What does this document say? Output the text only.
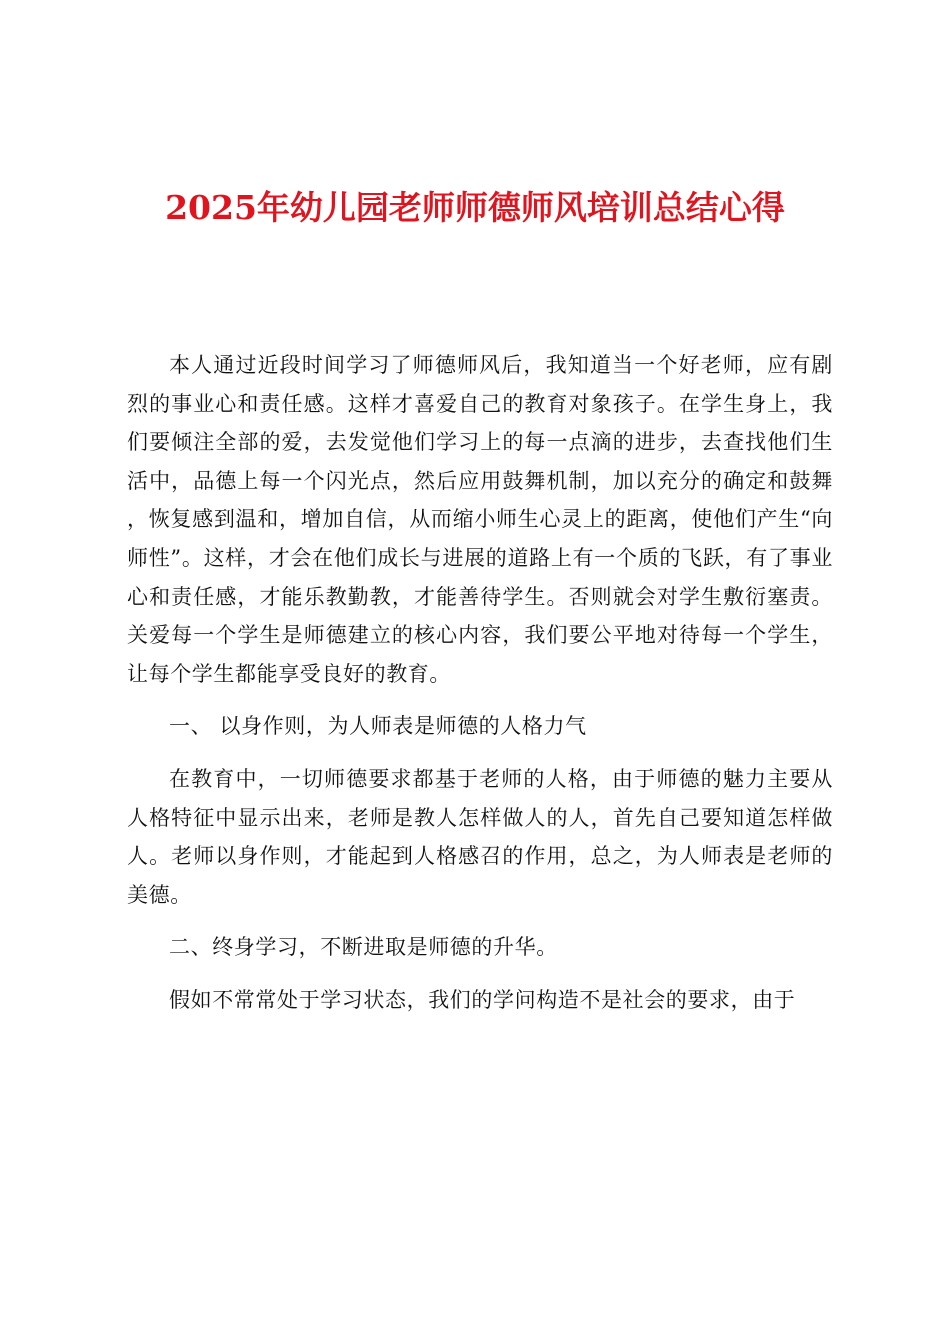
2025年幼儿园老师师德师风培训总结心得

本人通过近段时间学习了师德师风后，我知道当一个好老师，应有剧烈的事业心和责任感。这样才喜爱自己的教育对象孩子。在学生身上，我们要倾注全部的爱，去发觉他们学习上的每一点滴的进步，去查找他们生活中，品德上每一个闪光点，然后应用鼓舞机制，加以充分的确定和鼓舞，恢复感到温和，增加自信，从而缩小师生心灵上的距离，使他们产生“向师性”。这样，才会在他们成长与进展的道路上有一个质的飞跃，有了事业心和责任感，才能乐教勤教，才能善待学生。否则就会对学生敷衍塞责。关爱每一个学生是师德建立的核心内容，我们要公平地对待每一个学生，让每个学生都能享受良好的教育。

一、 以身作则，为人师表是师德的人格力气

在教育中，一切师德要求都基于老师的人格，由于师德的魅力主要从人格特征中显示出来，老师是教人怎样做人的人，首先自己要知道怎样做人。老师以身作则，才能起到人格感召的作用，总之，为人师表是老师的美德。

二、终身学习，不断进取是师德的升华。

假如不常常处于学习状态，我们的学问构造不是社会的要求，由于
